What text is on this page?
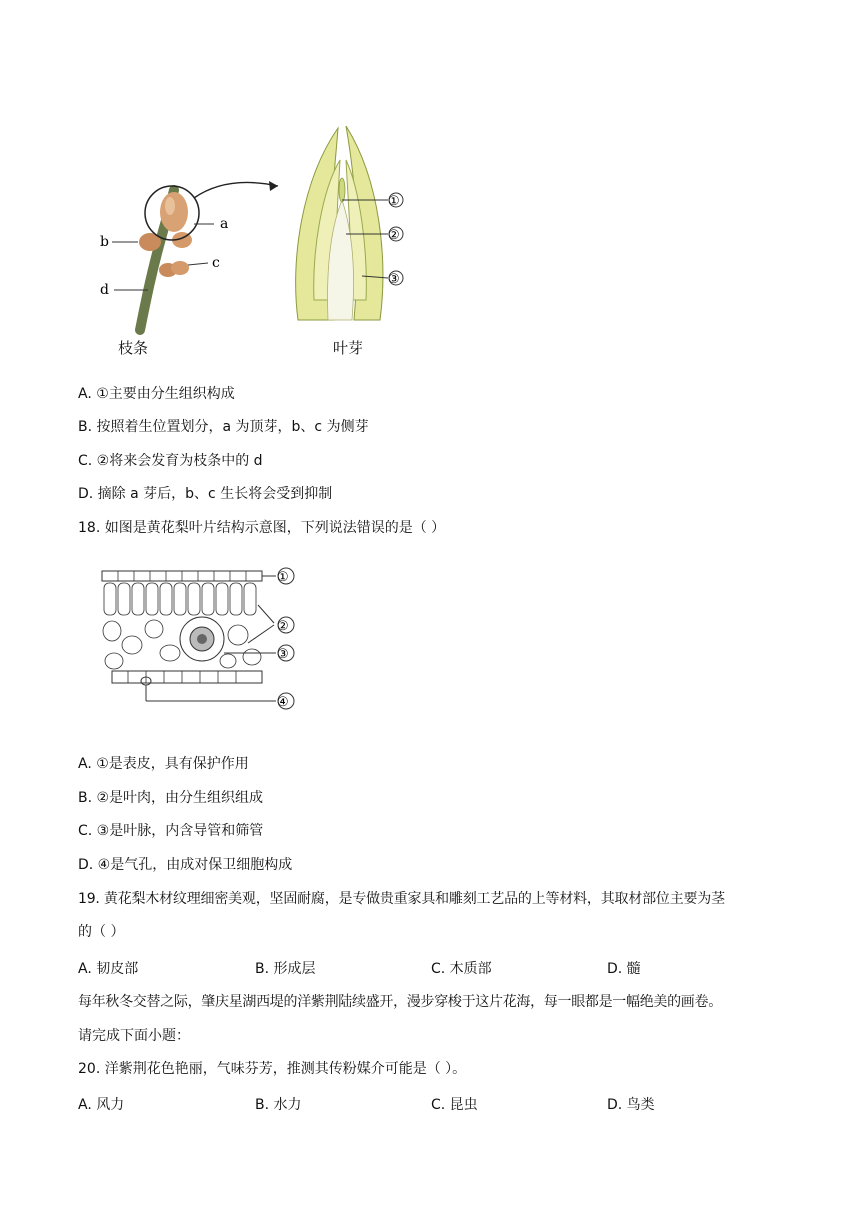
a
b
c
d
①
②
③
枝条	叶芽
A. ①主要由分生组织构成
B. 按照着生位置划分，a 为顶芽，b、c 为侧芽
C. ②将来会发育为枝条中的 d
D. 摘除 a 芽后，b、c 生长将会受到抑制
18. 如图是黄花梨叶片结构示意图，下列说法错误的是（ ）
①
②
③
④
A. ①是表皮，具有保护作用
B. ②是叶肉，由分生组织组成
C. ③是叶脉，内含导管和筛管
D. ④是气孔，由成对保卫细胞构成
19. 黄花梨木材纹理细密美观，坚固耐腐，是专做贵重家具和雕刻工艺品的上等材料，其取材部位主要为茎
的（ ）
A. 韧皮部	B. 形成层	C. 木质部	D. 髓
每年秋冬交替之际，肇庆星湖西堤的洋紫荆陆续盛开，漫步穿梭于这片花海，每一眼都是一幅绝美的画卷。
请完成下面小题：
20. 洋紫荆花色艳丽，气味芬芳，推测其传粉媒介可能是（ ）。
A. 风力	B. 水力	C. 昆虫	D. 鸟类
